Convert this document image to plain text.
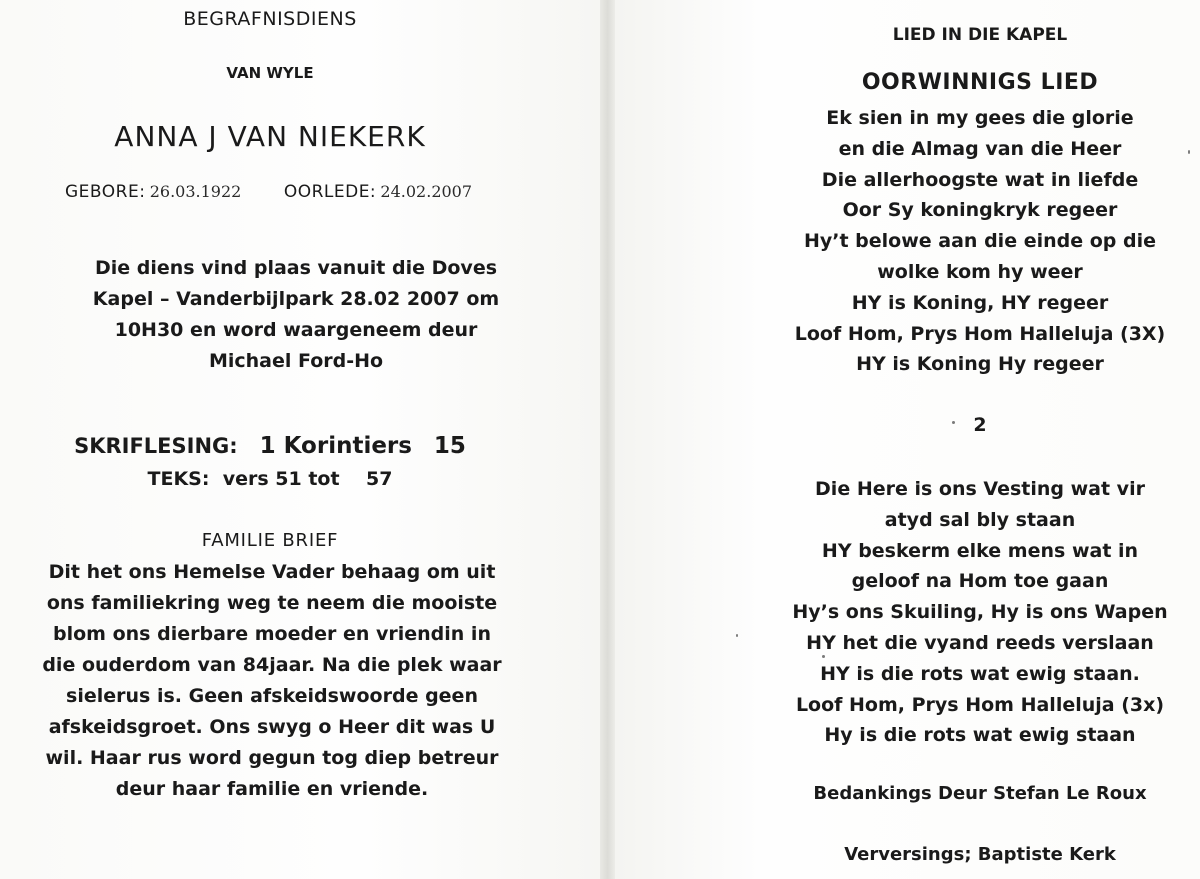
BEGRAFNISDIENS
VAN WYLE
ANNA J VAN NIEKERK
GEBORE: 26.03.1922	OORLEDE: 24.02.2007
Die diens vind plaas vanuit die Doves
Kapel – Vanderbijlpark 28.02 2007 om
10H30 en word waargeneem deur
Michael Ford-Ho
SKRIFLESING: 1 Korintiers 15
TEKS: vers 51 tot 57
FAMILIE BRIEF
Dit het ons Hemelse Vader behaag om uit
ons familiekring weg te neem die mooiste
blom ons dierbare moeder en vriendin in
die ouderdom van 84jaar. Na die plek waar
sielerus is. Geen afskeidswoorde geen
afskeidsgroet. Ons swyg o Heer dit was U
wil. Haar rus word gegun tog diep betreur
deur haar familie en vriende.
LIED IN DIE KAPEL
OORWINNIGS LIED
Ek sien in my gees die glorie
en die Almag van die Heer
Die allerhoogste wat in liefde
Oor Sy koningkryk regeer
Hy’t belowe aan die einde op die
wolke kom hy weer
HY is Koning, HY regeer
Loof Hom, Prys Hom Halleluja (3X)
HY is Koning Hy regeer
2
Die Here is ons Vesting wat vir
atyd sal bly staan
HY beskerm elke mens wat in
geloof na Hom toe gaan
Hy’s ons Skuiling, Hy is ons Wapen
HY het die vyand reeds verslaan
HY is die rots wat ewig staan.
Loof Hom, Prys Hom Halleluja (3x)
Hy is die rots wat ewig staan
Bedankings Deur Stefan Le Roux
Verversings; Baptiste Kerk
